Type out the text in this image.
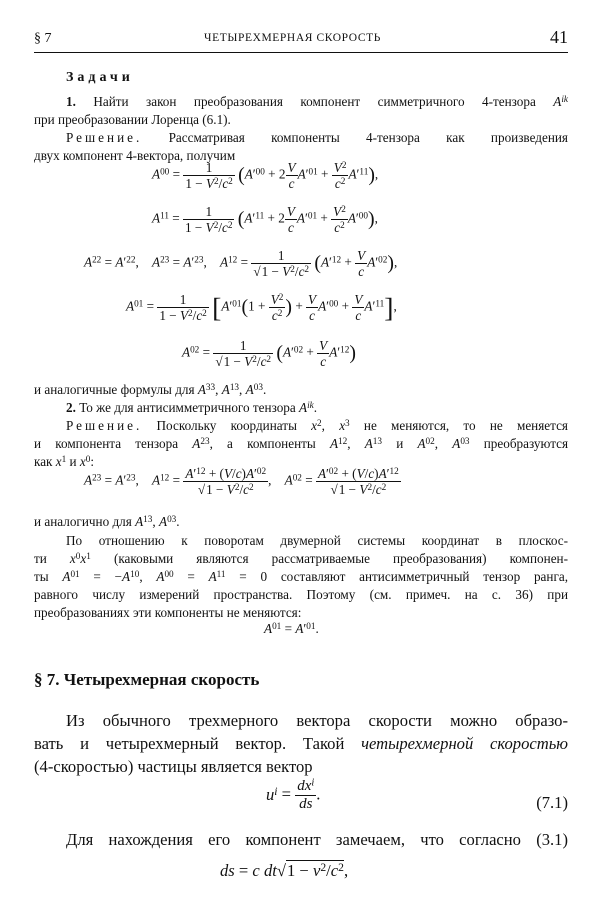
§ 7	ЧЕТЫРЕХМЕРНАЯ СКОРОСТЬ	41
Задачи
1. Найти закон преобразования компонент симметричного 4-тензора $A^{ik}$
при преобразовании Лоренца (6.1).
Решение. Рассматривая компоненты 4-тензора как произведения
двух компонент 4-вектора, получим
$A^{00} = \frac{1}{1 - V^2/c^2} (A'^{00} + 2 \frac{V}{c} A'^{01} + \frac{V^2}{c^2} A'^{11})$,
$A^{11} = \frac{1}{1 - V^2/c^2} (A'^{11} + 2 \frac{V}{c} A'^{01} + \frac{V^2}{c^2} A'^{00})$,
$A^{22} = A'^{22}$,    $A^{23} = A'^{23}$,    $A^{12} = \frac{1}{√1 - V^2/c^2} (A'^{12} + \frac{V}{c} A'^{02})$,
$A^{01} = \frac{1}{1 - V^2/c^2} [A'^{01}(1 + \frac{V^2}{c^2}$ ) + $\frac{V}{c} A'^{00} + \frac{V}{c} A'^{11}$],
$A^{02} = \frac{1}{√1 - V^2/c^2} (A'^{02} + \frac{V}{c} A'^{12})$
и аналогичные формулы для $A^{33}$, $A^{13}$, $A^{03}$.
2. То же для антисимметричного тензора $A^{ik}$.
Решение. Поскольку координаты $x^2$, $x^3$ не меняются, то не меняется
и компонента тензора $A^{23}$, а компоненты $A^{12}$, $A^{13}$ и $A^{02}$, $A^{03}$ преобразуются
как $x^1$ и $x^0$:
$A^{23} = A'^{23}$,    $A^{12} = \frac{A'^{12} + (V/c)A'^{02}}{√1 - V^2/c^2}$ ,    $A^{02} = \frac{A'^{02} + (V/c)A'^{12}}{√1 - V^2/c^2}$
и аналогично для $A^{13}$, $A^{03}$.
По отношению к поворотам двумерной системы координат в плоскос-
ти $x^0x^1$ (каковыми являются рассматриваемые преобразования) компонен-
ты $A^{01} = -A^{10}$, $A^{00} = A^{11} = 0$ составляют антисимметричный тензор ранга,
равного числу измерений пространства. Поэтому (см. примеч. на с. 36) при
преобразованиях эти компоненты не меняются:
$A^{01} = A'^{01}$.
§ 7. Четырехмерная скорость
Из обычного трехмерного вектора скорости можно образо-
вать и четырехмерный вектор. Такой четырехмерной скоростью
(4-скоростью) частицы является вектор
$u^i = \frac{dx^i}{ds}$ .	(7.1)
Для нахождения его компонент замечаем, что согласно (3.1)
ds = c $dt√1 - v^2/c^2$,
